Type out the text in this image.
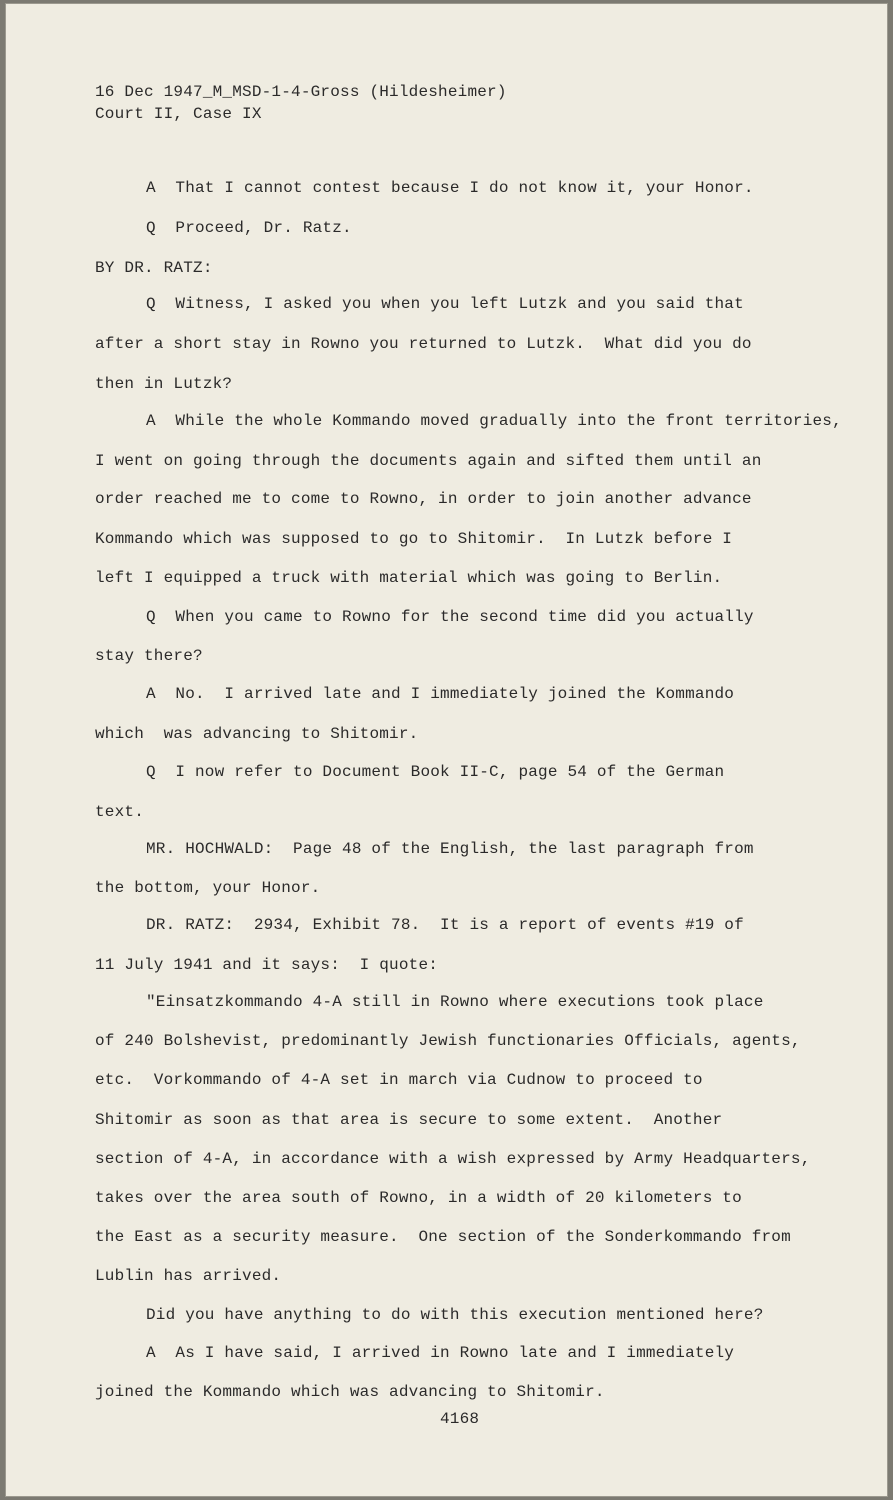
16 Dec 1947_M_MSD-1-4-Gross (Hildesheimer)
Court II, Case IX
A  That I cannot contest because I do not know it, your Honor.
Q  Proceed, Dr. Ratz.
BY DR. RATZ:
Q  Witness, I asked you when you left Lutzk and you said that
after a short stay in Rowno you returned to Lutzk.  What did you do
then in Lutzk?
A  While the whole Kommando moved gradually into the front territories,
I went on going through the documents again and sifted them until an
order reached me to come to Rowno, in order to join another advance
Kommando which was supposed to go to Shitomir.  In Lutzk before I
left I equipped a truck with material which was going to Berlin.
Q  When you came to Rowno for the second time did you actually
stay there?
A  No.  I arrived late and I immediately joined the Kommando
which  was advancing to Shitomir.
Q  I now refer to Document Book II-C, page 54 of the German
text.
MR. HOCHWALD:  Page 48 of the English, the last paragraph from
the bottom, your Honor.
DR. RATZ:  2934, Exhibit 78.  It is a report of events #19 of
11 July 1941 and it says:  I quote:
"Einsatzkommando 4-A still in Rowno where executions took place
of 240 Bolshevist, predominantly Jewish functionaries Officials, agents,
etc.  Vorkommando of 4-A set in march via Cudnow to proceed to
Shitomir as soon as that area is secure to some extent.  Another
section of 4-A, in accordance with a wish expressed by Army Headquarters,
takes over the area south of Rowno, in a width of 20 kilometers to
the East as a security measure.  One section of the Sonderkommando from
Lublin has arrived.
Did you have anything to do with this execution mentioned here?
A  As I have said, I arrived in Rowno late and I immediately
joined the Kommando which was advancing to Shitomir.
4168
